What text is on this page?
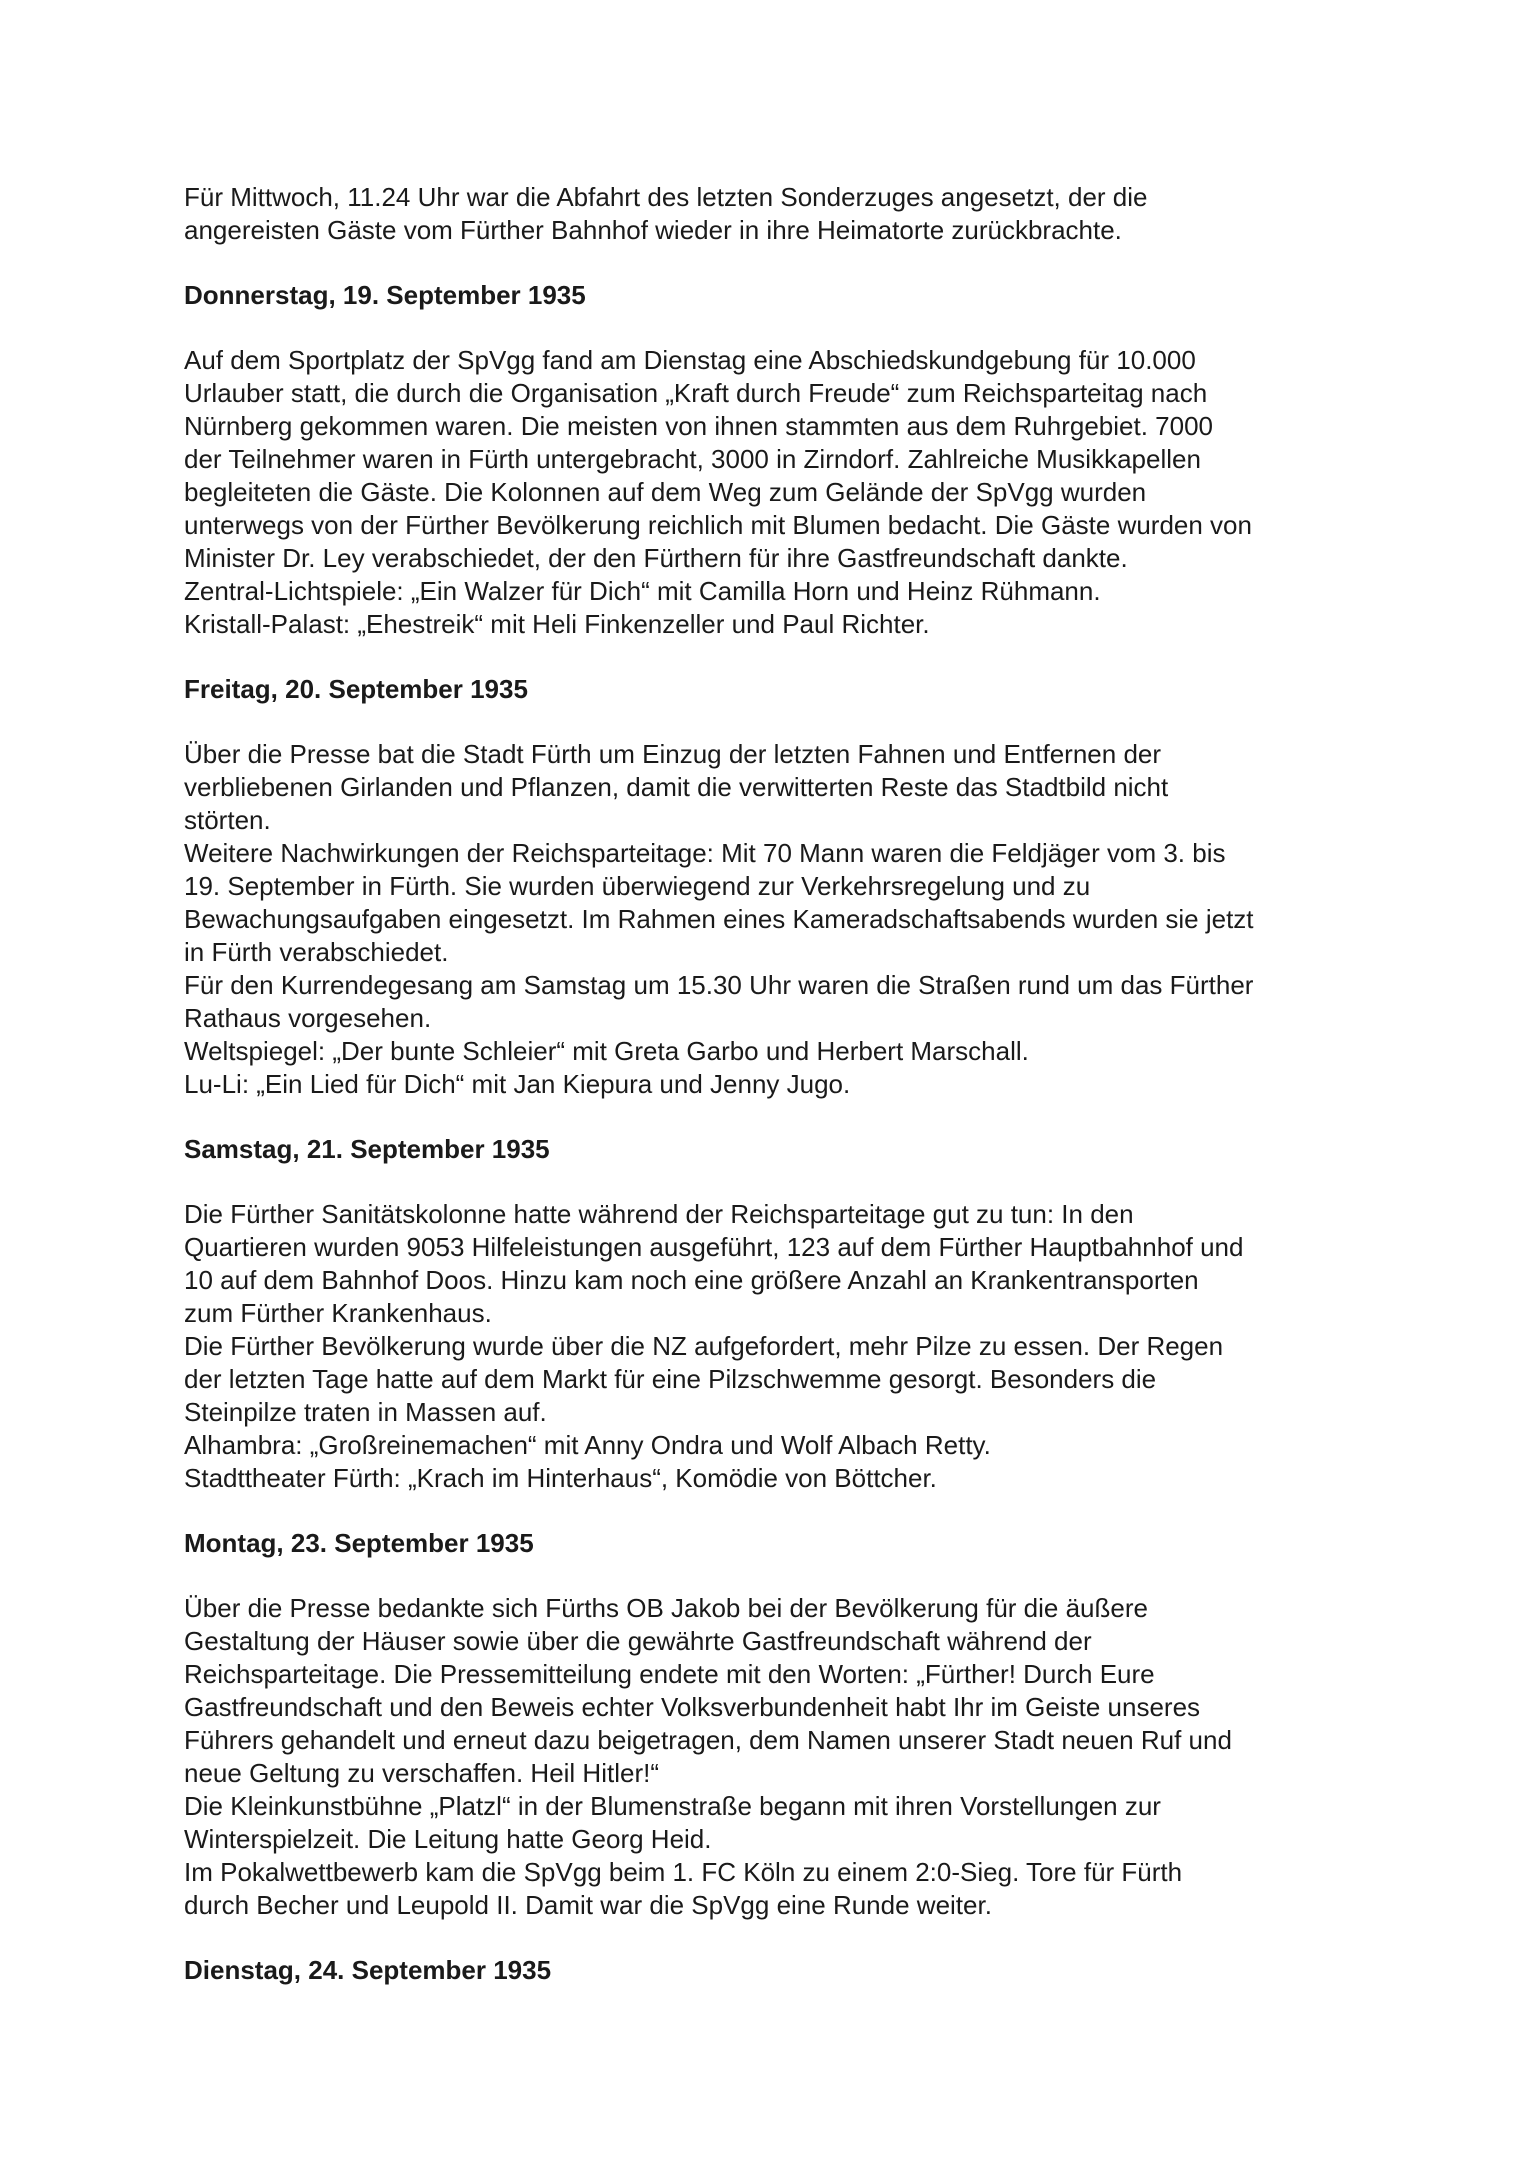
Für Mittwoch, 11.24 Uhr war die Abfahrt des letzten Sonderzuges angesetzt, der die
angereisten Gäste vom Fürther Bahnhof wieder in ihre Heimatorte zurückbrachte.

Donnerstag, 19. September 1935

Auf dem Sportplatz der SpVgg fand am Dienstag eine Abschiedskundgebung für 10.000
Urlauber statt, die durch die Organisation „Kraft durch Freude“ zum Reichsparteitag nach
Nürnberg gekommen waren. Die meisten von ihnen stammten aus dem Ruhrgebiet. 7000
der Teilnehmer waren in Fürth untergebracht, 3000 in Zirndorf. Zahlreiche Musikkapellen
begleiteten die Gäste. Die Kolonnen auf dem Weg zum Gelände der SpVgg wurden
unterwegs von der Fürther Bevölkerung reichlich mit Blumen bedacht. Die Gäste wurden von
Minister Dr. Ley verabschiedet, der den Fürthern für ihre Gastfreundschaft dankte.
Zentral-Lichtspiele: „Ein Walzer für Dich“ mit Camilla Horn und Heinz Rühmann.
Kristall-Palast: „Ehestreik“ mit Heli Finkenzeller und Paul Richter.

Freitag, 20. September 1935

Über die Presse bat die Stadt Fürth um Einzug der letzten Fahnen und Entfernen der
verbliebenen Girlanden und Pflanzen, damit die verwitterten Reste das Stadtbild nicht
störten.
Weitere Nachwirkungen der Reichsparteitage: Mit 70 Mann waren die Feldjäger vom 3. bis
19. September in Fürth. Sie wurden überwiegend zur Verkehrsregelung und zu
Bewachungsaufgaben eingesetzt. Im Rahmen eines Kameradschaftsabends wurden sie jetzt
in Fürth verabschiedet.
Für den Kurrendegesang am Samstag um 15.30 Uhr waren die Straßen rund um das Fürther
Rathaus vorgesehen.
Weltspiegel: „Der bunte Schleier“ mit Greta Garbo und Herbert Marschall.
Lu-Li: „Ein Lied für Dich“ mit Jan Kiepura und Jenny Jugo.

Samstag, 21. September 1935

Die Fürther Sanitätskolonne hatte während der Reichsparteitage gut zu tun: In den
Quartieren wurden 9053 Hilfeleistungen ausgeführt, 123 auf dem Fürther Hauptbahnhof und
10 auf dem Bahnhof Doos. Hinzu kam noch eine größere Anzahl an Krankentransporten
zum Fürther Krankenhaus.
Die Fürther Bevölkerung wurde über die NZ aufgefordert, mehr Pilze zu essen. Der Regen
der letzten Tage hatte auf dem Markt für eine Pilzschwemme gesorgt. Besonders die
Steinpilze traten in Massen auf.
Alhambra: „Großreinemachen“ mit Anny Ondra und Wolf Albach Retty.
Stadttheater Fürth: „Krach im Hinterhaus“, Komödie von Böttcher.

Montag, 23. September 1935

Über die Presse bedankte sich Fürths OB Jakob bei der Bevölkerung für die äußere
Gestaltung der Häuser sowie über die gewährte Gastfreundschaft während der
Reichsparteitage. Die Pressemitteilung endete mit den Worten: „Fürther! Durch Eure
Gastfreundschaft und den Beweis echter Volksverbundenheit habt Ihr im Geiste unseres
Führers gehandelt und erneut dazu beigetragen, dem Namen unserer Stadt neuen Ruf und
neue Geltung zu verschaffen. Heil Hitler!“
Die Kleinkunstbühne „Platzl“ in der Blumenstraße begann mit ihren Vorstellungen zur
Winterspielzeit. Die Leitung hatte Georg Heid.
Im Pokalwettbewerb kam die SpVgg beim 1. FC Köln zu einem 2:0-Sieg. Tore für Fürth
durch Becher und Leupold II. Damit war die SpVgg eine Runde weiter.

Dienstag, 24. September 1935
